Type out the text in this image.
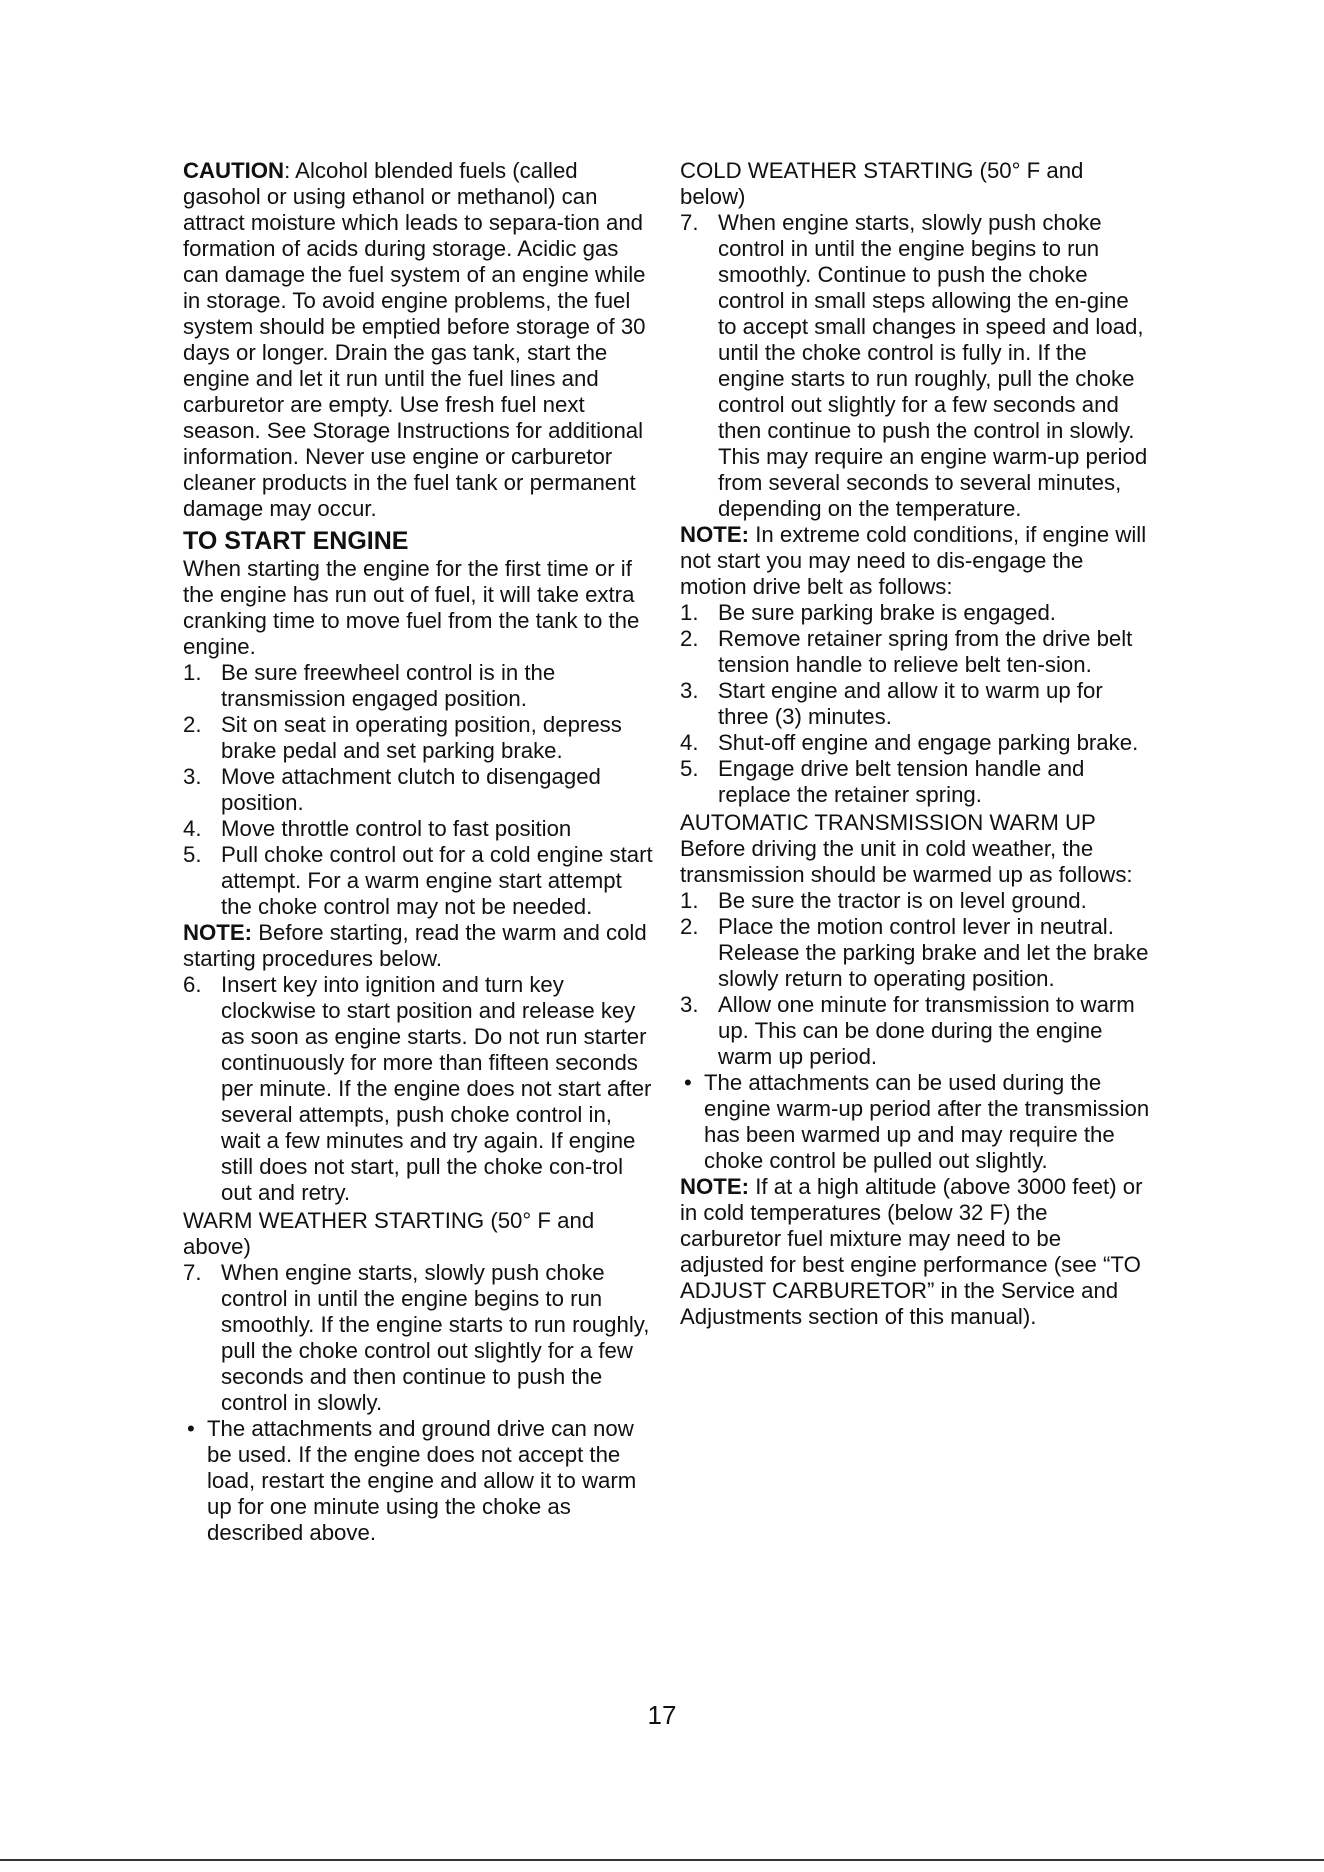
CAUTION: Alcohol blended fuels (called gasohol or using ethanol or methanol) can attract moisture which leads to separa-tion and formation of acids during storage. Acidic gas can damage the fuel system of an engine while in storage. To avoid engine problems, the fuel system should be emptied before storage of 30 days or longer. Drain the gas tank, start the engine and let it run until the fuel lines and carburetor are empty. Use fresh fuel next season. See Storage Instructions for additional information. Never use engine or carburetor cleaner products in the fuel tank or permanent damage may occur.

TO START ENGINE

When starting the engine for the first time or if the engine has run out of fuel, it will take extra cranking time to move fuel from the tank to the engine.

1. Be sure freewheel control is in the transmission engaged position.
2. Sit on seat in operating position, depress brake pedal and set parking brake.
3. Move attachment clutch to disengaged position.
4. Move throttle control to fast position
5. Pull choke control out for a cold engine start attempt. For a warm engine start attempt the choke control may not be needed.

NOTE: Before starting, read the warm and cold starting procedures below.

6. Insert key into ignition and turn key clockwise to start position and release key as soon as engine starts. Do not run starter continuously for more than fifteen seconds per minute. If the engine does not start after several attempts, push choke control in, wait a few minutes and try again. If engine still does not start, pull the choke con-trol out and retry.

WARM WEATHER STARTING (50° F and above)

7. When engine starts, slowly push choke control in until the engine begins to run smoothly. If the engine starts to run roughly, pull the choke control out slightly for a few seconds and then continue to push the control in slowly.
• The attachments and ground drive can now be used. If the engine does not accept the load, restart the engine and allow it to warm up for one minute using the choke as described above.

COLD WEATHER STARTING (50° F and below)

7. When engine starts, slowly push choke control in until the engine begins to run smoothly. Continue to push the choke control in small steps allowing the en-gine to accept small changes in speed and load, until the choke control is fully in. If the engine starts to run roughly, pull the choke control out slightly for a few seconds and then continue to push the control in slowly. This may require an engine warm-up period from several seconds to several minutes, depending on the temperature.

NOTE: In extreme cold conditions, if engine will not start you may need to dis-engage the motion drive belt as follows:

1. Be sure parking brake is engaged.
2. Remove retainer spring from the drive belt tension handle to relieve belt ten-sion.
3. Start engine and allow it to warm up for three (3) minutes.
4. Shut-off engine and engage parking brake.
5. Engage drive belt tension handle and replace the retainer spring.

AUTOMATIC TRANSMISSION WARM UP

Before driving the unit in cold weather, the transmission should be warmed up as follows:

1. Be sure the tractor is on level ground.
2. Place the motion control lever in neutral. Release the parking brake and let the brake slowly return to operating position.
3. Allow one minute for transmission to warm up. This can be done during the engine warm up period.
• The attachments can be used during the engine warm-up period after the transmission has been warmed up and may require the choke control be pulled out slightly.

NOTE: If at a high altitude (above 3000 feet) or in cold temperatures (below 32 F) the carburetor fuel mixture may need to be adjusted for best engine performance (see “TO ADJUST CARBURETOR” in the Service and Adjustments section of this manual).

17
